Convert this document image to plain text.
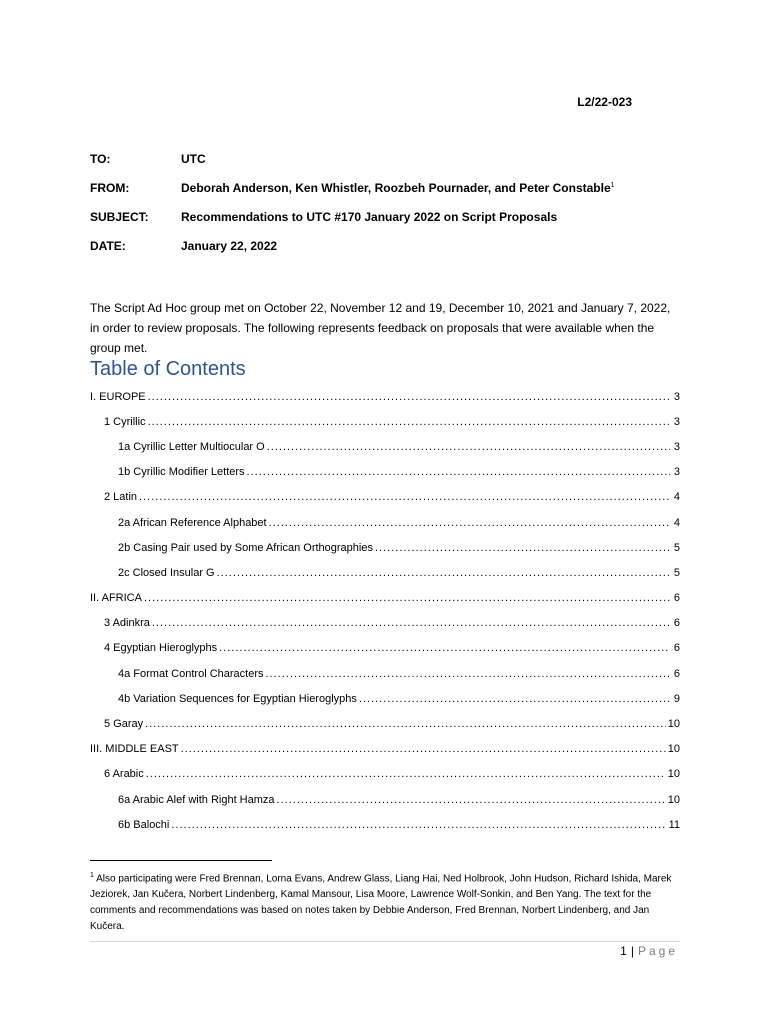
L2/22-023
TO:	UTC
FROM:	Deborah Anderson, Ken Whistler, Roozbeh Pournader, and Peter Constable$^1$
SUBJECT:	Recommendations to UTC #170 January 2022 on Script Proposals
DATE:	January 22, 2022

The Script Ad Hoc group met on October 22, November 12 and 19, December 10, 2021 and January 7, 2022, in order to review proposals. The following represents feedback on proposals that were available when the group met.

Table of Contents
I. EUROPE .....	3
1 Cyrillic .....	3
1a Cyrillic Letter Multiocular O .....	3
1b Cyrillic Modifier Letters .....	3
2 Latin .....	4
2a African Reference Alphabet .....	4
2b Casing Pair used by Some African Orthographies .....	5
2c Closed Insular G .....	5
II. AFRICA .....	6
3 Adinkra .....	6
4 Egyptian Hieroglyphs .....	6
4a Format Control Characters .....	6
4b Variation Sequences for Egyptian Hieroglyphs .....	9
5 Garay .....	10
III. MIDDLE EAST .....	10
6 Arabic .....	10
6a Arabic Alef with Right Hamza .....	10
6b Balochi .....	11
$^1$ Also participating were Fred Brennan, Lorna Evans, Andrew Glass, Liang Hai, Ned Holbrook, John Hudson, Richard Ishida, Marek Jeziorek, Jan Kučera, Norbert Lindenberg, Kamal Mansour, Lisa Moore, Lawrence Wolf-Sonkin, and Ben Yang. The text for the comments and recommendations was based on notes taken by Debbie Anderson, Fred Brennan, Norbert Lindenberg, and Jan Kučera.
1 | Page
